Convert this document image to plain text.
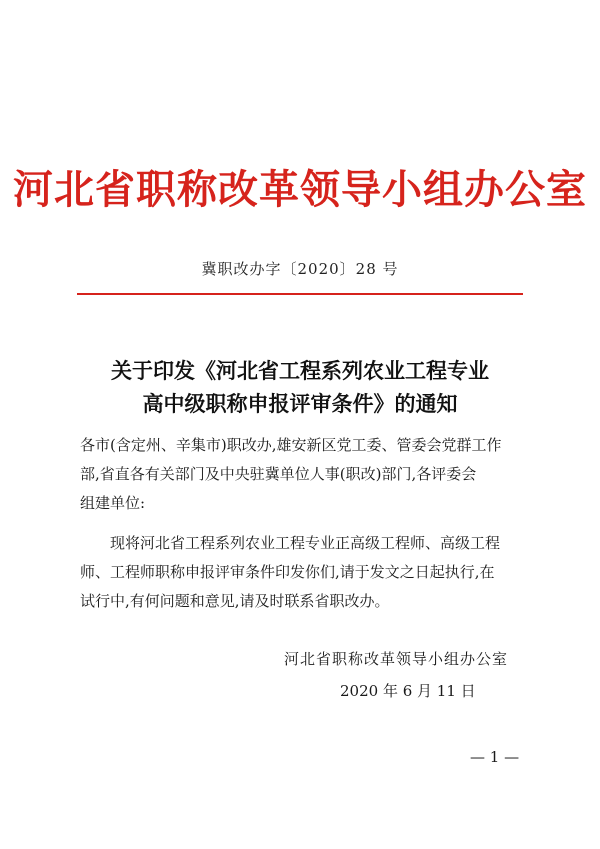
河北省职称改革领导小组办公室
冀职改办字〔2020〕28 号
关于印发《河北省工程系列农业工程专业
高中级职称申报评审条件》的通知
各市(含定州、辛集市)职改办,雄安新区党工委、管委会党群工作
部,省直各有关部门及中央驻冀单位人事(职改)部门,各评委会
组建单位:
现将河北省工程系列农业工程专业正高级工程师、高级工程
师、工程师职称申报评审条件印发你们,请于发文之日起执行,在
试行中,有何问题和意见,请及时联系省职改办。
河北省职称改革领导小组办公室
2020 年 6 月 11 日
— 1 —
